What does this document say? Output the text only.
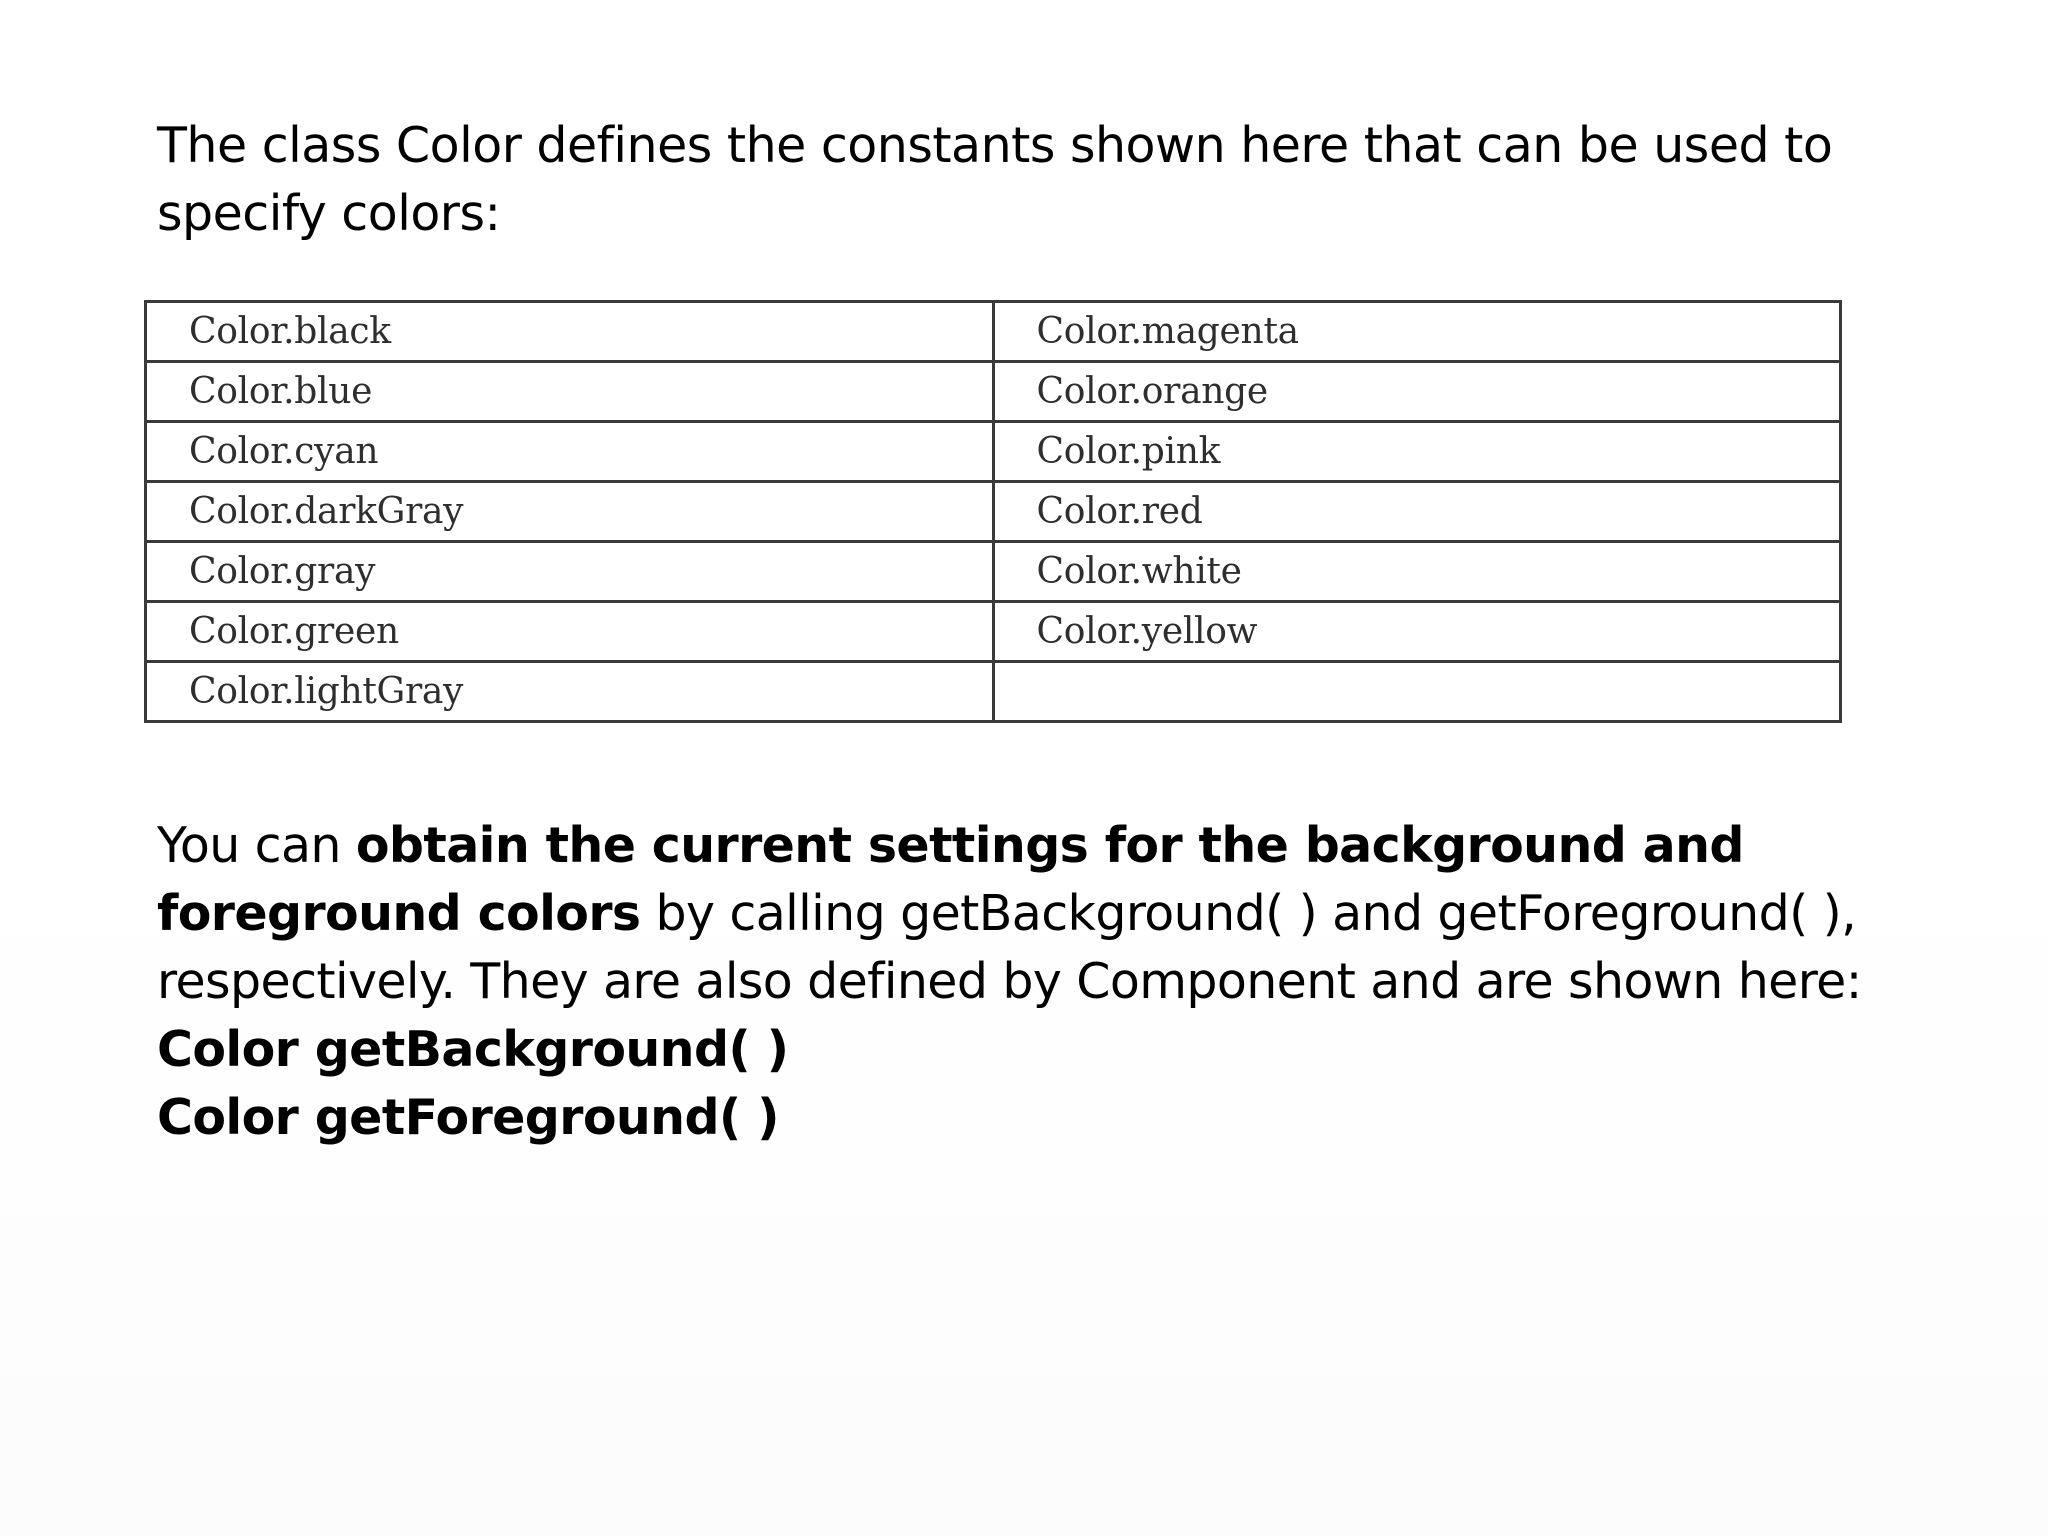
The class Color defines the constants shown here that can be used to specify colors:

Color.black	Color.magenta
Color.blue	Color.orange
Color.cyan	Color.pink
Color.darkGray	Color.red
Color.gray	Color.white
Color.green	Color.yellow
Color.lightGray	

You can obtain the current settings for the background and foreground colors by calling getBackground( ) and getForeground( ), respectively. They are also defined by Component and are shown here:

Color getBackground( )

Color getForeground( )
